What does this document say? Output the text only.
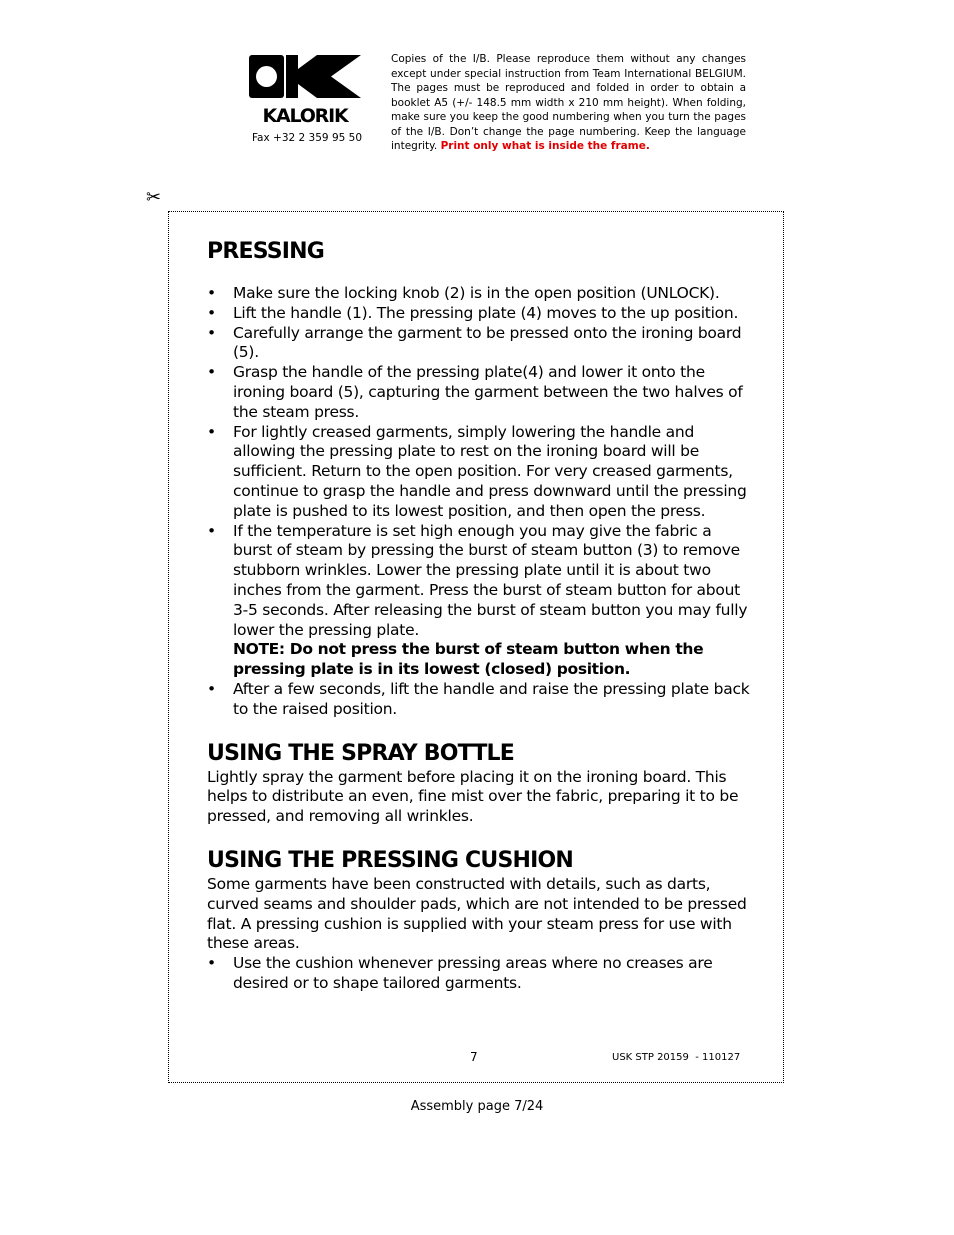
KALORIK
Fax +32 2 359 95 50
Copies of the I/B. Please reproduce them without any changes except under special instruction from Team International BELGIUM. The pages must be reproduced and folded in order to obtain a booklet A5 (+/- 148.5 mm width x 210 mm height). When folding, make sure you keep the good numbering when you turn the pages of the I/B. Don’t change the page numbering. Keep the language integrity. Print only what is inside the frame.
✂
PRESSING
• Make sure the locking knob (2) is in the open position (UNLOCK).
• Lift the handle (1). The pressing plate (4) moves to the up position.
• Carefully arrange the garment to be pressed onto the ironing board (5).
• Grasp the handle of the pressing plate(4) and lower it onto the ironing board (5), capturing the garment between the two halves of the steam press.
• For lightly creased garments, simply lowering the handle and allowing the pressing plate to rest on the ironing board will be sufficient. Return to the open position. For very creased garments, continue to grasp the handle and press downward until the pressing plate is pushed to its lowest position, and then open the press.
• If the temperature is set high enough you may give the fabric a burst of steam by pressing the burst of steam button (3) to remove stubborn wrinkles. Lower the pressing plate until it is about two inches from the garment. Press the burst of steam button for about 3-5 seconds. After releasing the burst of steam button you may fully lower the pressing plate.
NOTE: Do not press the burst of steam button when the pressing plate is in its lowest (closed) position.
• After a few seconds, lift the handle and raise the pressing plate back to the raised position.
USING THE SPRAY BOTTLE

Lightly spray the garment before placing it on the ironing board. This helps to distribute an even, fine mist over the fabric, preparing it to be pressed, and removing all wrinkles.

USING THE PRESSING CUSHION

Some garments have been constructed with details, such as darts, curved seams and shoulder pads, which are not intended to be pressed flat. A pressing cushion is supplied with your steam press for use with these areas.

• Use the cushion whenever pressing areas where no creases are desired or to shape tailored garments.
7	USK STP 20159  - 110127
Assembly page 7/24
